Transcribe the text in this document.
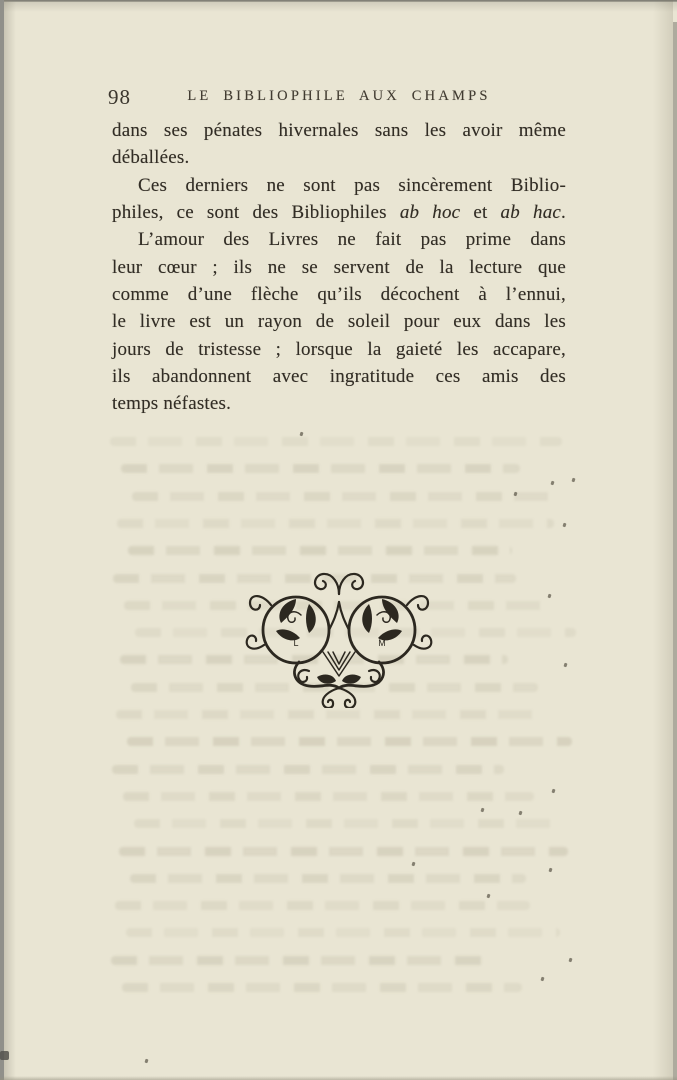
98	LE BIBLIOPHILE AUX CHAMPS
dans ses pénates hivernales sans les avoir même
déballées.
Ces derniers ne sont pas sincèrement Biblio-
philes, ce sont des Bibliophiles ab hoc et ab hac.
L’amour des Livres ne fait pas prime dans
leur cœur ; ils ne se servent de la lecture que
comme d’une flèche qu’ils décochent à l’ennui,
le livre est un rayon de soleil pour eux dans les
jours de tristesse ; lorsque la gaieté les accapare,
ils abandonnent avec ingratitude ces amis des
temps néfastes.
L	M
